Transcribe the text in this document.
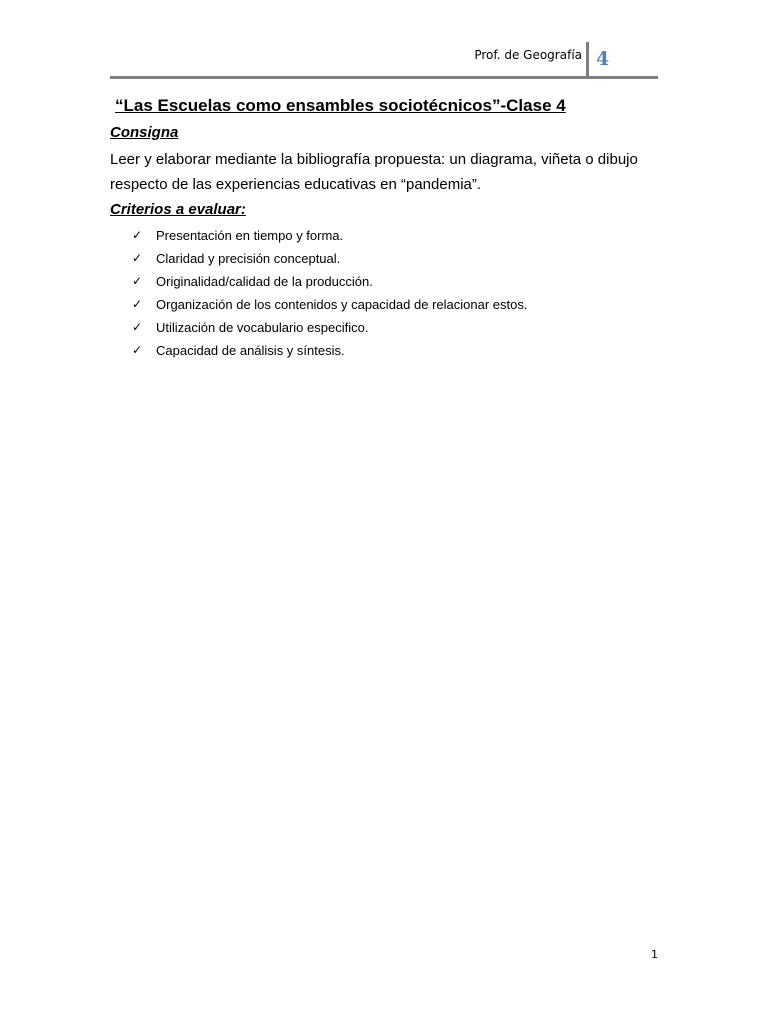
Prof. de Geografía 4
“Las Escuelas como ensambles sociotécnicos”-Clase 4
Consigna

Leer y elaborar mediante la bibliografía propuesta: un diagrama, viñeta o dibujo respecto de las experiencias educativas en “pandemia”.

Criterios a evaluar:
✓	Presentación en tiempo y forma.
✓	Claridad y precisión conceptual.
✓	Originalidad/calidad de la producción.
✓	Organización de los contenidos y capacidad de relacionar estos.
✓	Utilización de vocabulario especifico.
✓	Capacidad de análisis y síntesis.
1
